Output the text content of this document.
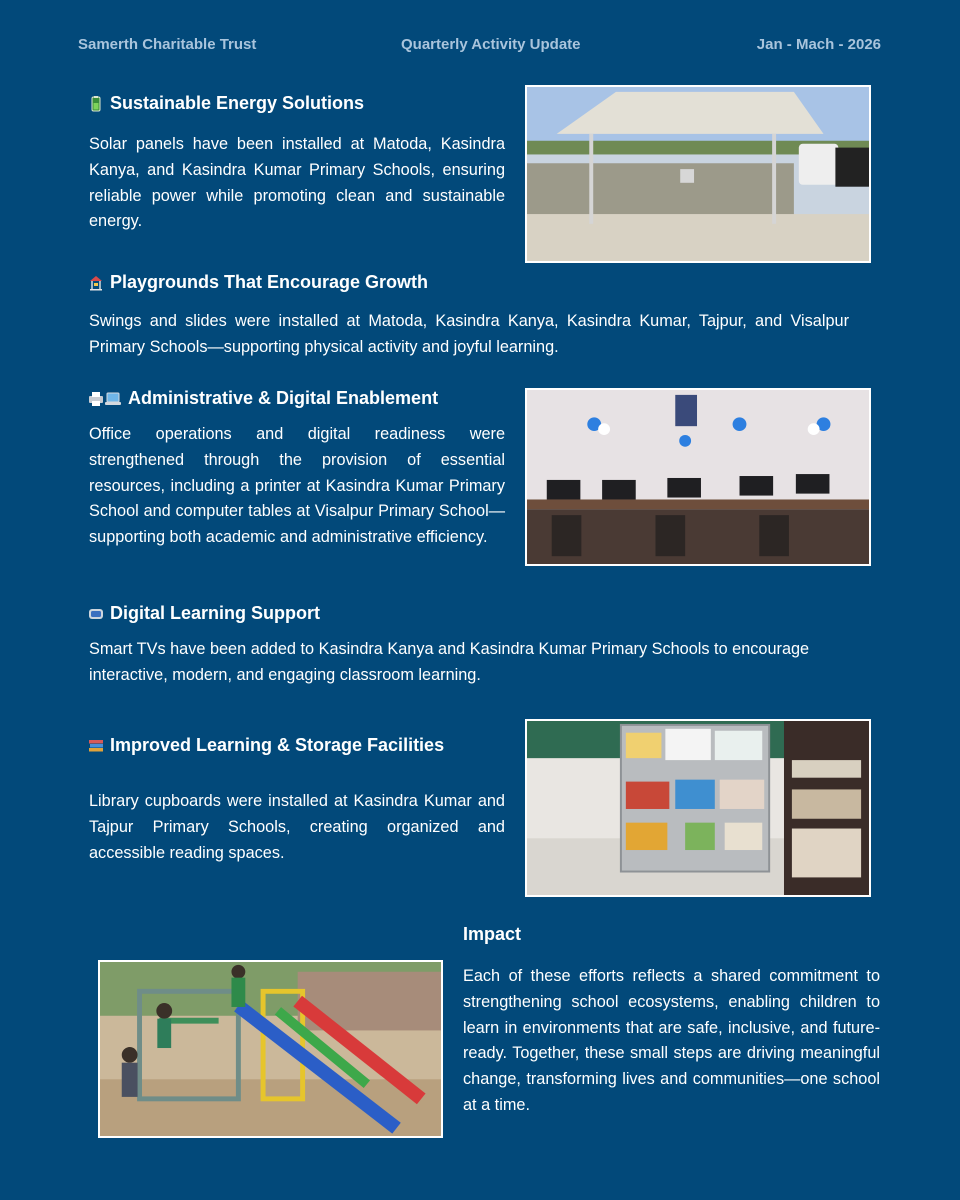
Samerth Charitable Trust	Quarterly Activity Update	Jan - Mach - 2026
Sustainable Energy Solutions

Solar panels have been installed at Matoda, Kasindra Kanya, and Kasindra Kumar Primary Schools, ensuring reliable power while promoting clean and sustainable energy.

Playgrounds That Encourage Growth

Swings and slides were installed at Matoda, Kasindra Kanya, Kasindra Kumar, Tajpur, and Visalpur Primary Schools—supporting physical activity and joyful learning.

Administrative & Digital Enablement

Office operations and digital readiness were strengthened through the provision of essential resources, including a printer at Kasindra Kumar Primary School and computer tables at Visalpur Primary School—supporting both academic and administrative efficiency.

Digital Learning Support

Smart TVs have been added to Kasindra Kanya and Kasindra Kumar Primary Schools to encourage interactive, modern, and engaging classroom learning.

Improved Learning & Storage Facilities

Library cupboards were installed at Kasindra Kumar and Tajpur Primary Schools, creating organized and accessible reading spaces.

Impact

Each of these efforts reflects a shared commitment to strengthening school ecosystems, enabling children to learn in environments that are safe, inclusive, and future-ready. Together, these small steps are driving meaningful change, transforming lives and communities—one school at a time.
